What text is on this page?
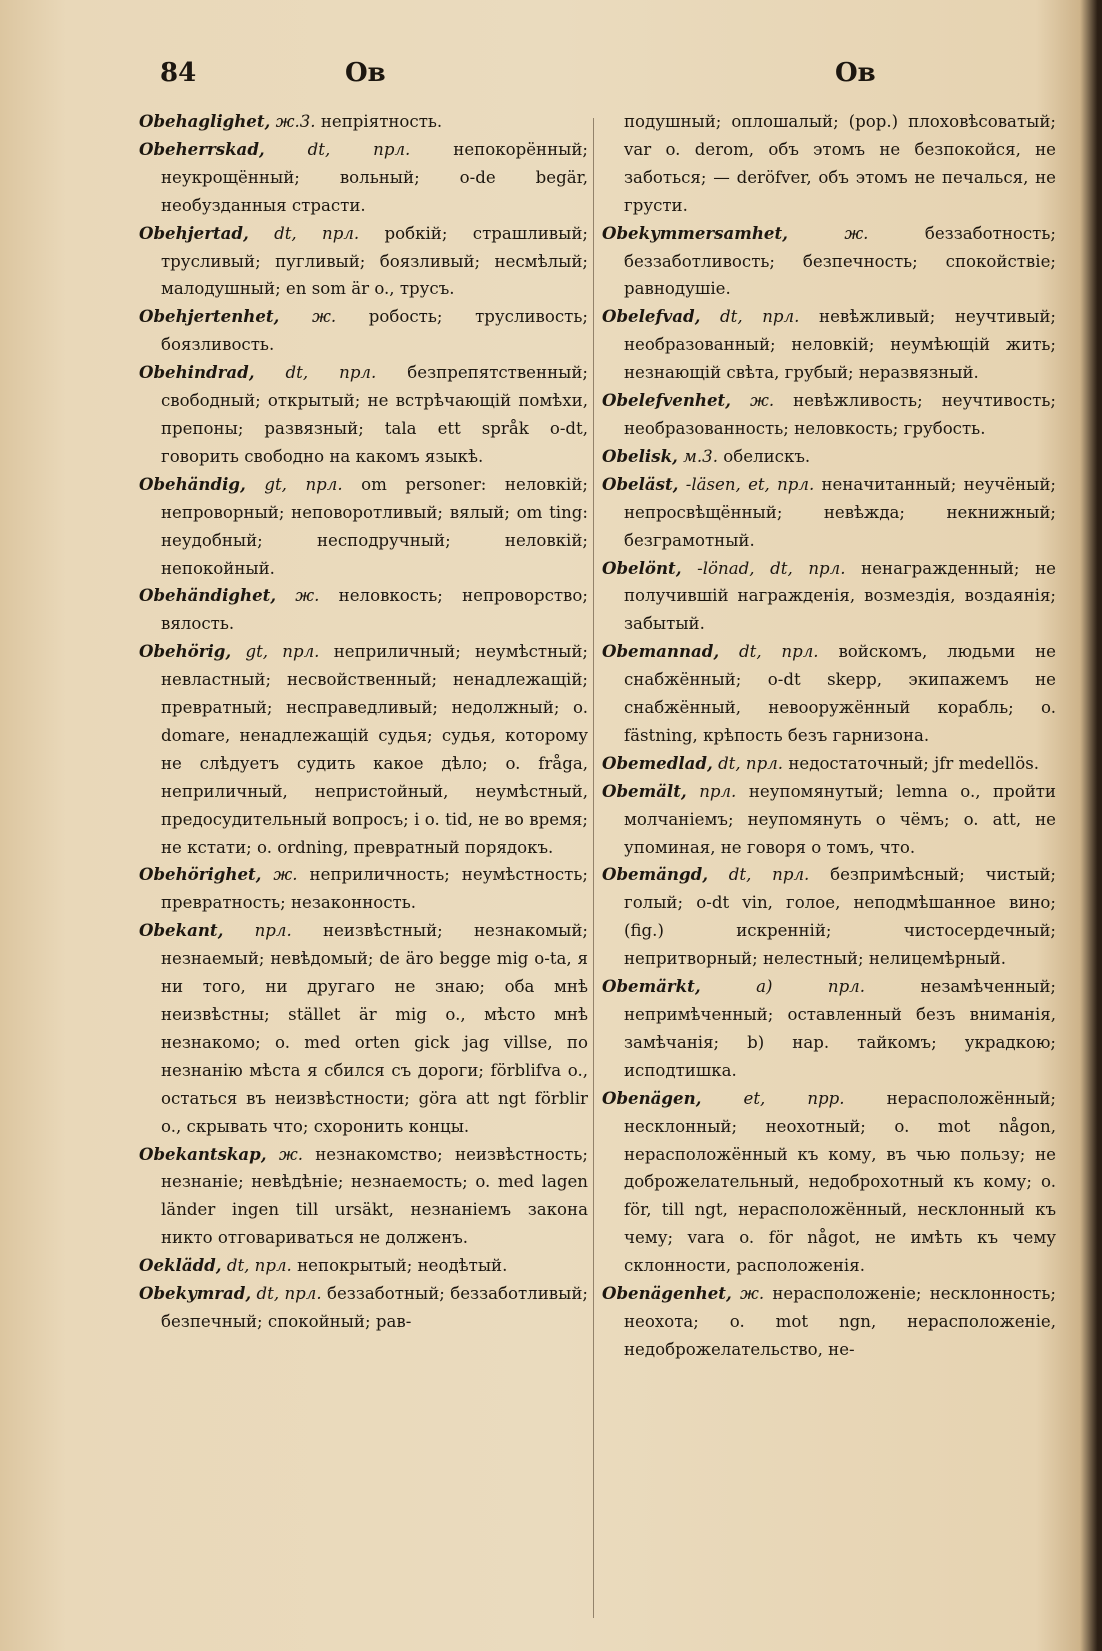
84	Ов	Ов
Obehaglighet, ж.3. непріятность.
Obeherrskad,	dt, прл.	непокорённый; неукрощённый; вольный; o-de begär, необузданныя страсти.
Obehjertad, dt, прл. робкій; страшливый; трусливый; пугливый; боязливый; несмѣлый; малодушный; en som är o., трусъ.
Obehjertenhet, ж. робость; трусливость; боязливость.
Obehindrad, dt, прл. безпрепятственный; свободный; открытый; не встрѣчающій помѣхи, препоны; развязный; tala ett språk o-dt, говорить свободно на какомъ языкѣ.
Obehändig, gt, прл. om personer: неловкій; непроворный; неповоротливый; вялый; om ting: неудобный; несподручный; неловкій; непокойный.
Obehändighet, ж. неловкость; непроворство; вялость.
Obehörig, gt, прл. неприличный; неумѣстный; невластный; несвойственный; ненадлежащій; превратный; несправедливый; недолжный; o. domare, ненадлежащій судья; судья, которому не слѣдуетъ судить какое дѣло; o. fråga, неприличный, непристойный, неумѣстный, предосудительный вопросъ; i o. tid, не во время; не кстати; o. ordning, превратный порядокъ.
Obehörighet, ж. неприличность; неумѣстность; превратность; незаконность.
Obekant, прл. неизвѣстный; незнакомый; незнаемый; невѣдомый; de äro begge mig o-ta, я ни того, ни другаго не знаю; оба мнѣ неизвѣстны; stället är mig o., мѣсто мнѣ незнакомо; o. med orten gick jag villse, по незнанію мѣста я сбился съ дороги; förblifva o., остаться въ неизвѣстности; göra att ngt förblir o., скрывать что; схоронить концы.
Obekantskap, ж. незнакомство; неизвѣстность; незнаніе; невѣдѣніе; незнаемость; o. med lagen länder ingen till ursäkt, незнаніемъ закона никто отговариваться не долженъ.
Oeklädd, dt, прл. непокрытый; неодѣтый.
Obekymrad, dt, прл. беззаботный; беззаботливый; безпечный; спокойный; рав-
подушный; оплошалый; (рор.) плоховѣсоватый; var o. derom, объ этомъ не безпокойся, не заботься; — deröfver, объ этомъ не печалься, не грусти.
Obekymmersamhet,	ж.	беззаботность; беззаботливость; безпечность; спокойствіе; равнодушіе.
Obelefvad, dt, прл. невѣжливый; неучтивый; необразованный; неловкій; неумѣющій жить; незнающій свѣта, грубый; неразвязный.
Obelefvenhet, ж. невѣжливость; неучтивость; необразованность; неловкость; грубость.
Obelisk, м.3. обелискъ.
Obeläst, -läsen, et, прл. неначитанный; неучёный; непросвѣщённый; невѣжда; некнижный; безграмотный.
Obelönt, -lönad, dt, прл. ненагражденный; не получившій награжденія, возмездія, воздаянія; забытый.
Obemannad, dt, прл. войскомъ, людьми не снабжённый; o-dt skepp, экипажемъ не снабжённый, невооружённый корабль; o. fästning, крѣпость безъ гарнизона.
Obemedlad, dt, прл. недостаточный; jfr medellös.
Obemält, прл. неупомянутый; lemna o., пройти молчаніемъ; неупомянуть о чёмъ; o. att, не упоминая, не говоря о томъ, что.
Obemängd, dt, прл. безпримѣсный; чистый; голый; o-dt vin, голое, неподмѣшанное вино; (fig.) искренній; чистосердечный; непритворный; нелестный; нелицемѣрный.
Obemärkt,	a) прл.	незамѣченный; непримѣченный; оставленный безъ вниманія, замѣчанія; b) нар. тайкомъ; украдкою; исподтишка.
Obenägen,	et, прр.	нерасположённый; несклонный; неохотный; o. mot någon, нерасположённый къ кому, въ чью пользу; не доброжелательный, недоброхотный къ кому; o. för, till ngt, нерасположённый, несклонный къ чему; vara o. för något, не имѣть къ чему склонности, расположенія.
Obenägenhet, ж. нерасположеніе; несклонность; неохота; o. mot ngn, нерасположеніе, недоброжелательство, не-
